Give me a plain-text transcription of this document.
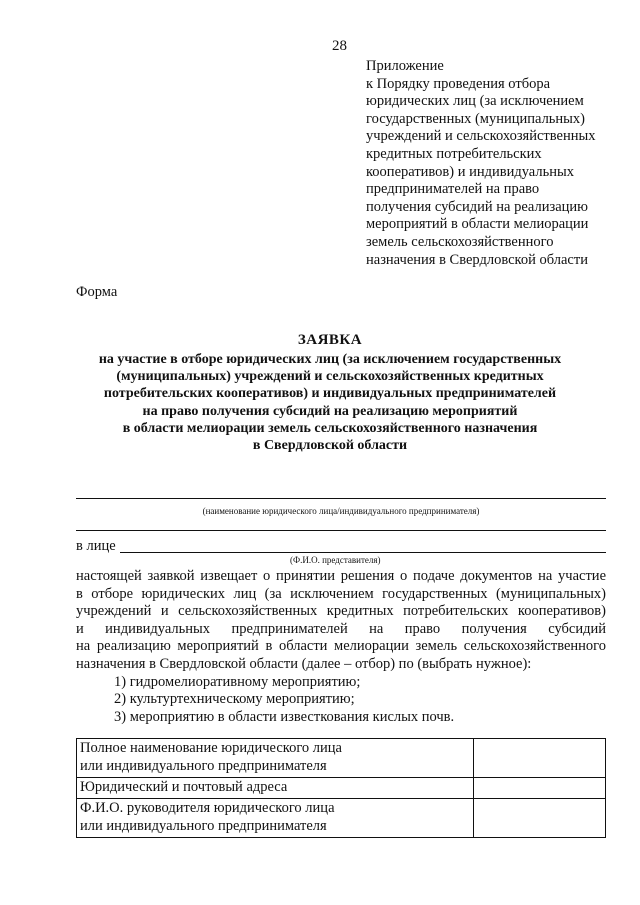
28
Приложение
к Порядку проведения отбора
юридических лиц (за исключением
государственных (муниципальных)
учреждений и сельскохозяйственных
кредитных потребительских
кооперативов) и индивидуальных
предпринимателей на право
получения субсидий на реализацию
мероприятий в области мелиорации
земель сельскохозяйственного
назначения в Свердловской области
Форма
ЗАЯВКА
на участие в отборе юридических лиц (за исключением государственных
(муниципальных) учреждений и сельскохозяйственных кредитных
потребительских кооперативов) и индивидуальных предпринимателей
на право получения субсидий на реализацию мероприятий
в области мелиорации земель сельскохозяйственного назначения
в Свердловской области
(наименование юридического лица/индивидуального предпринимателя)
в лице
(Ф.И.О. представителя)
настоящей заявкой извещает о принятии решения о подаче документов на участие
в отборе юридических лиц (за исключением государственных (муниципальных)
учреждений и сельскохозяйственных кредитных потребительских кооперативов)
и индивидуальных предпринимателей на право получения субсидий
на реализацию мероприятий в области мелиорации земель сельскохозяйственного
назначения в Свердловской области (далее – отбор) по (выбрать нужное):
1) гидромелиоративному мероприятию;
2) культуртехническому мероприятию;
3) мероприятию в области известкования кислых почв.
Полное наименование юридического лица
или индивидуального предпринимателя	

Юридический и почтовый адреса	

Ф.И.О. руководителя юридического лица
или индивидуального предпринимателя	
